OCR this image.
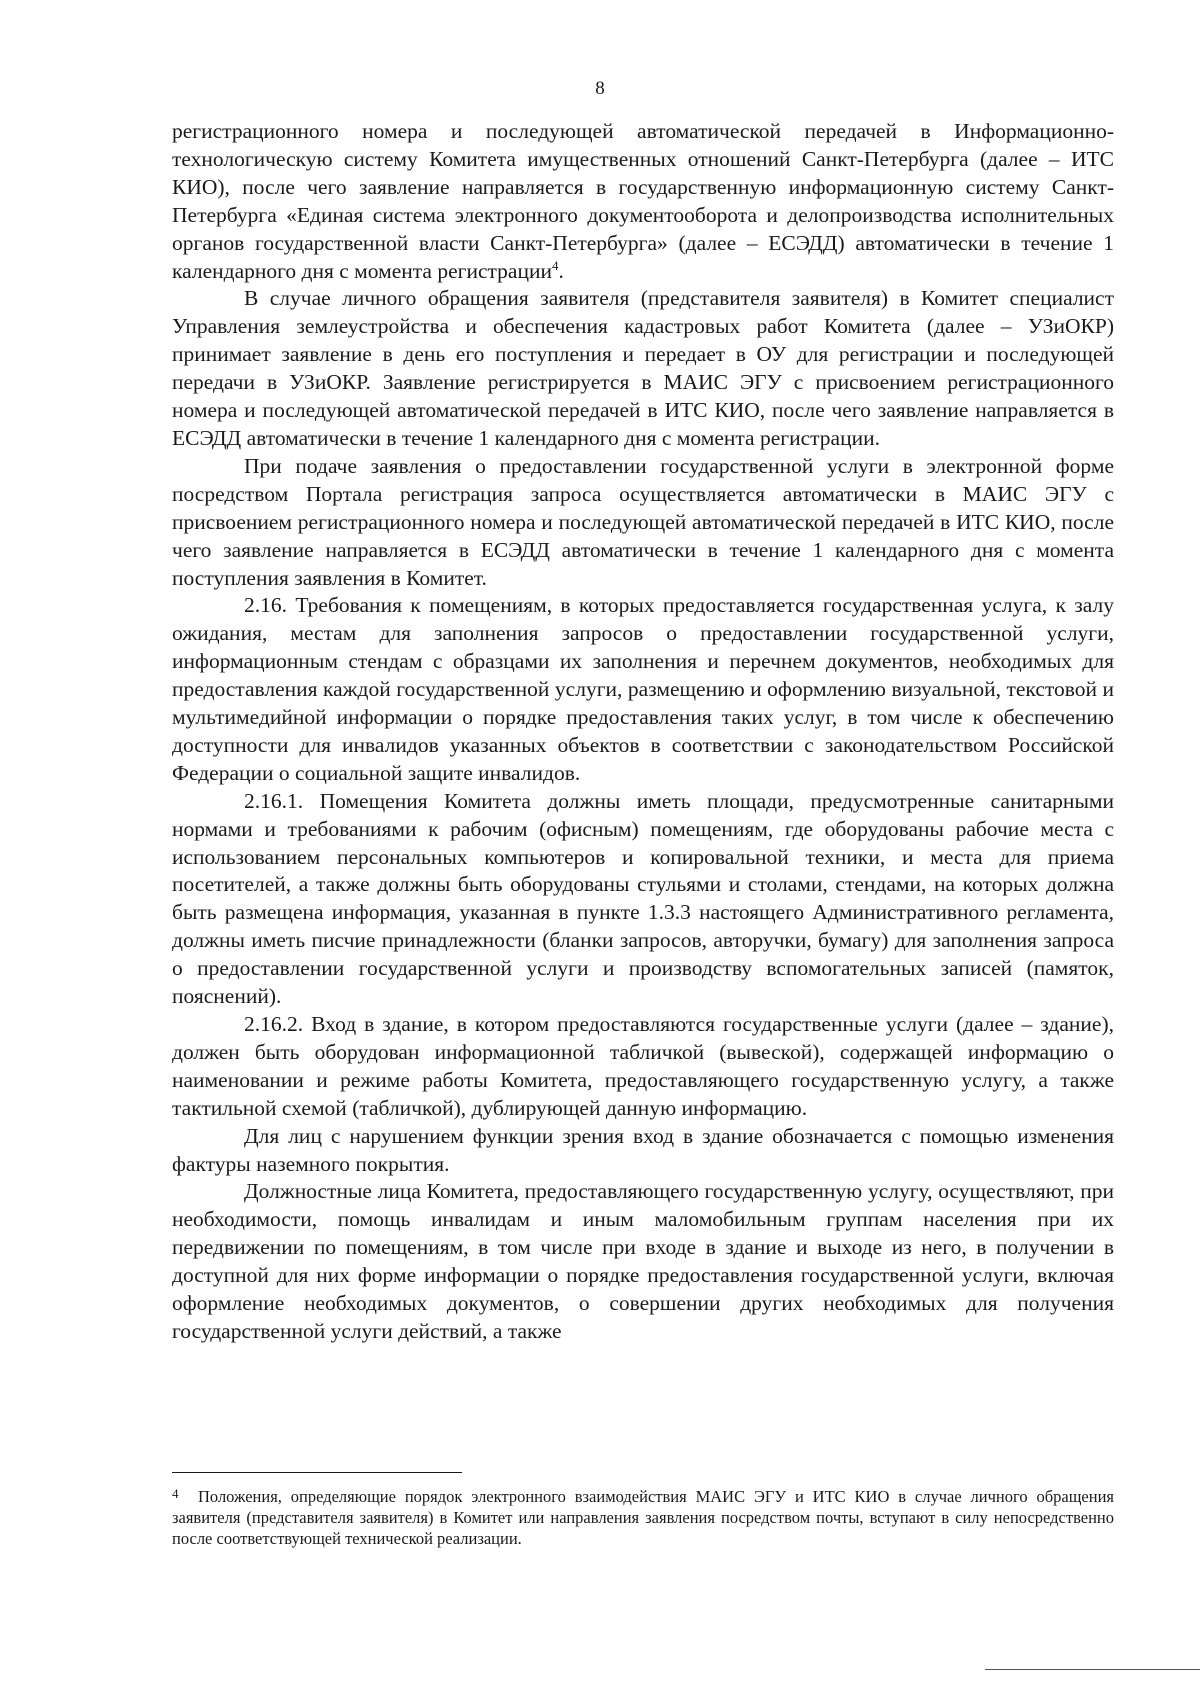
8

регистрационного номера и последующей автоматической передачей в Информационно-технологическую систему Комитета имущественных отношений Санкт-Петербурга (далее – ИТС КИО), после чего заявление направляется в государственную информационную систему Санкт-Петербурга «Единая система электронного документооборота и делопроизводства исполнительных органов государственной власти Санкт-Петербурга» (далее – ЕСЭДД) автоматически в течение 1 календарного дня с момента регистрации$^4$.

В случае личного обращения заявителя (представителя заявителя) в Комитет специалист Управления землеустройства и обеспечения кадастровых работ Комитета (далее – УЗиОКР) принимает заявление в день его поступления и передает в ОУ для регистрации и последующей передачи в УЗиОКР. Заявление регистрируется в МАИС ЭГУ с присвоением регистрационного номера и последующей автоматической передачей в ИТС КИО, после чего заявление направляется в ЕСЭДД автоматически в течение 1 календарного дня с момента регистрации.

При подаче заявления о предоставлении государственной услуги в электронной форме посредством Портала регистрация запроса осуществляется автоматически в МАИС ЭГУ с присвоением регистрационного номера и последующей автоматической передачей в ИТС КИО, после чего заявление направляется в ЕСЭДД автоматически в течение 1 календарного дня с момента поступления заявления в Комитет.

2.16. Требования к помещениям, в которых предоставляется государственная услуга, к залу ожидания, местам для заполнения запросов о предоставлении государственной услуги, информационным стендам с образцами их заполнения и перечнем документов, необходимых для предоставления каждой государственной услуги, размещению и оформлению визуальной, текстовой и мультимедийной информации о порядке предоставления таких услуг, в том числе к обеспечению доступности для инвалидов указанных объектов в соответствии с законодательством Российской Федерации о социальной защите инвалидов.

2.16.1. Помещения Комитета должны иметь площади, предусмотренные санитарными нормами и требованиями к рабочим (офисным) помещениям, где оборудованы рабочие места с использованием персональных компьютеров и копировальной техники, и места для приема посетителей, а также должны быть оборудованы стульями и столами, стендами, на которых должна быть размещена информация, указанная в пункте 1.3.3 настоящего Административного регламента, должны иметь писчие принадлежности (бланки запросов, авторучки, бумагу) для заполнения запроса о предоставлении государственной услуги и производству вспомогательных записей (памяток, пояснений).

2.16.2. Вход в здание, в котором предоставляются государственные услуги (далее – здание), должен быть оборудован информационной табличкой (вывеской), содержащей информацию о наименовании и режиме работы Комитета, предоставляющего государственную услугу, а также тактильной схемой (табличкой), дублирующей данную информацию.

Для лиц с нарушением функции зрения вход в здание обозначается с помощью изменения фактуры наземного покрытия.

Должностные лица Комитета, предоставляющего государственную услугу, осуществляют, при необходимости, помощь инвалидам и иным маломобильным группам населения при их передвижении по помещениям, в том числе при входе в здание и выходе из него, в получении в доступной для них форме информации о порядке предоставления государственной услуги, включая оформление необходимых документов, о совершении других необходимых для получения государственной услуги действий, а также

4 Положения, определяющие порядок электронного взаимодействия МАИС ЭГУ и ИТС КИО в случае личного обращения заявителя (представителя заявителя) в Комитет или направления заявления посредством почты, вступают в силу непосредственно после соответствующей технической реализации.
